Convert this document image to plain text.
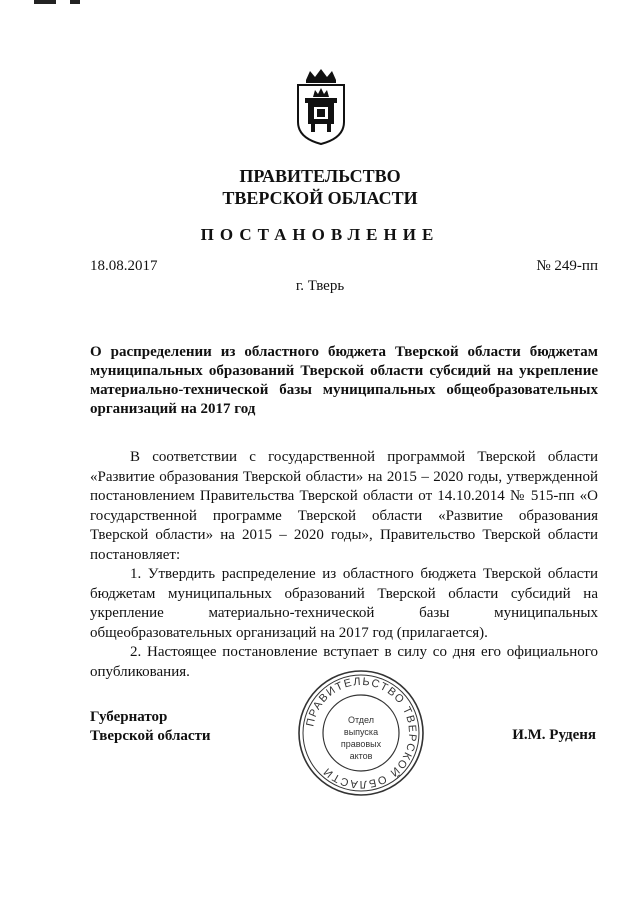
ПРАВИТЕЛЬСТВО
ТВЕРСКОЙ ОБЛАСТИ
ПОСТАНОВЛЕНИЕ
18.08.2017	№ 249-пп
г. Тверь
О распределении из областного бюджета Тверской области бюджетам муниципальных образований Тверской области субсидий на укрепление материально-технической базы муниципальных общеобразовательных организаций на 2017 год

В соответствии с государственной программой Тверской области «Развитие образования Тверской области» на 2015 – 2020 годы, утвержденной постановлением Правительства Тверской области от 14.10.2014 № 515-пп «О государственной программе Тверской области «Развитие образования Тверской области» на 2015 – 2020 годы», Правительство Тверской области постановляет:

1. Утвердить распределение из областного бюджета Тверской области бюджетам муниципальных образований Тверской области субсидий на укрепление материально-технической базы муниципальных общеобразовательных организаций на 2017 год (прилагается).

2. Настоящее постановление вступает в силу со дня его официального опубликования.

Губернатор
Тверской области	И.М. Руденя
ПРАВИТЕЛЬСТВО ТВЕРСКОЙ ОБЛАСТИ
Отдел
выпуска
правовых
актов
